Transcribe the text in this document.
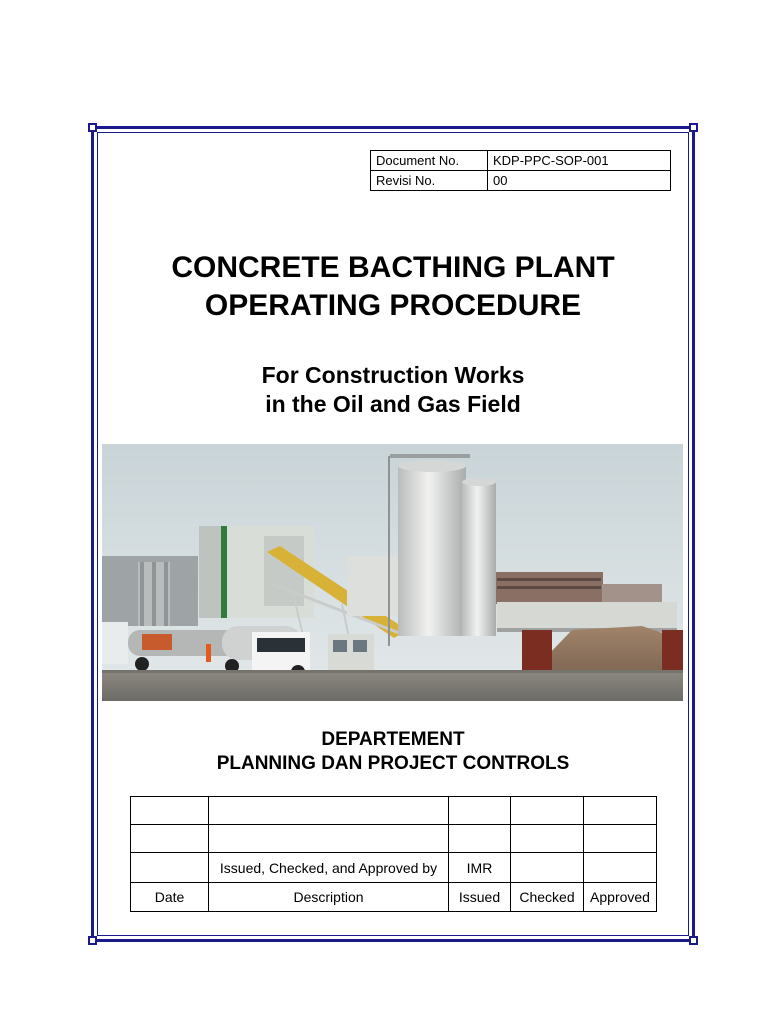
Document No.	KDP-PPC-SOP-001
Revisi No.	00
CONCRETE BACTHING PLANT
OPERATING PROCEDURE
For Construction Works
in the Oil and Gas Field
DEPARTEMENT
PLANNING DAN PROJECT CONTROLS

	Issued, Checked, and Approved by	IMR		
Date	Description	Issued	Checked	Approved
